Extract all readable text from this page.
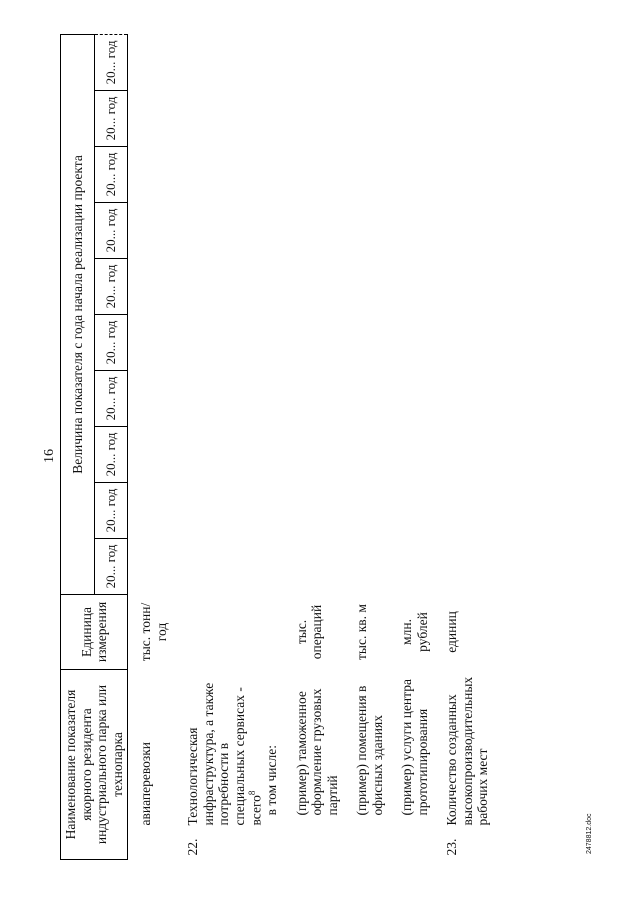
16
Наименование показателя якорного резидента индустриального парка или технопарка		Единица измерения	Величина показателя с года начала реализации проекта									
			20... год	20... год	20... год	20... год	20... год	20... год	20... год	20... год	20... год	20... год
	авиаперевозки	тыс. тонн/ год										
22.	Технологическая инфраструктура, а также потребности в специальных сервисах - всего$^8$ в том числе:											
	(пример) таможенное оформление грузовых партий	тыс. операций										
	(пример) помещения в офисных зданиях	тыс. кв. м										
	(пример) услуги центра прототипирования	млн. рублей										
23.	Количество созданных высокопроизводительных рабочих мест	единиц										
2478812.doc
